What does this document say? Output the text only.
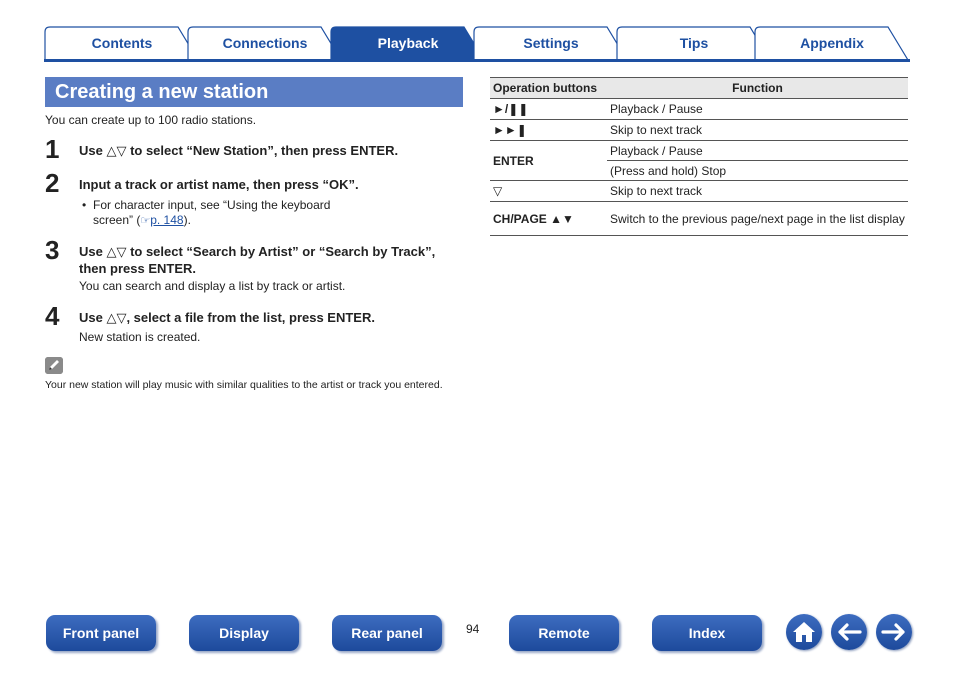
Contents	Connections	Playback	Settings	Tips	Appendix
Creating a new station
You can create up to 100 radio stations.
1 Use △▽ to select “New Station”, then press ENTER.
2 Input a track or artist name, then press “OK”.
• For character input, see “Using the keyboard
screen” (☞p. 148).
3 Use △▽ to select “Search by Artist” or “Search by Track”, then press ENTER.
You can search and display a list by track or artist.
4 Use △▽, select a file from the list, press ENTER.
New station is created.
Your new station will play music with similar qualities to the artist or track you entered.
Operation buttons	Function
►/❚❚	Playback / Pause
►►❚	Skip to next track
ENTER	Playback / Pause
	(Press and hold) Stop
▽	Skip to next track
CH/PAGE ▲▼	Switch to the previous page/next page in the list display
Front panel	Display	Rear panel	94	Remote	Index
